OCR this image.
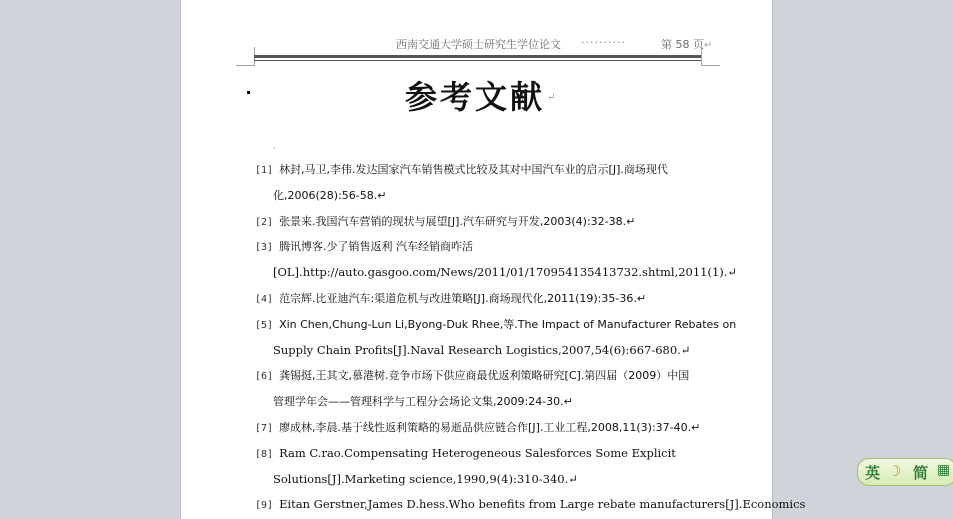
西南交通大学硕士研究生学位论文	··········	第 58 页↵
参考文献 ↵
ˌ
[1] 林封,马卫,李伟.发达国家汽车销售模式比较及其对中国汽车业的启示[J].商场现代
化,2006(28):56-58.↵
[2] 张景来.我国汽车营销的现状与展望[J].汽车研究与开发,2003(4):32-38.↵
[3] 腾讯博客.少了销售返利 汽车经销商咋活
[OL].http://auto.gasgoo.com/News/2011/01/170954135413732.shtml,2011(1).↵
[4] 范宗辉.比亚迪汽车:渠道危机与改进策略[J].商场现代化,2011(19):35-36.↵
[5] Xin Chen,Chung-Lun Li,Byong-Duk Rhee,等.The Impact of Manufacturer Rebates on
Supply Chain Profits[J].Naval Research Logistics,2007,54(6):667-680.↵
[6] 龚锡挺,王其文,慕港树.竞争市场下供应商最优返利策略研究[C].第四届（2009）中国
管理学年会——管理科学与工程分会场论文集,2009:24-30.↵
[7] 廖成林,李晨.基于线性返利策略的易逝品供应链合作[J].工业工程,2008,11(3):37-40.↵
[8] Ram C.rao.Compensating Heterogeneous Salesforces Some Explicit
Solutions[J].Marketing science,1990,9(4):310-340.↵
[9] Eitan Gerstner,James D.hess.Who benefits from Large rebate manufacturers[J].Economics
英 ☽ 简 ▦
